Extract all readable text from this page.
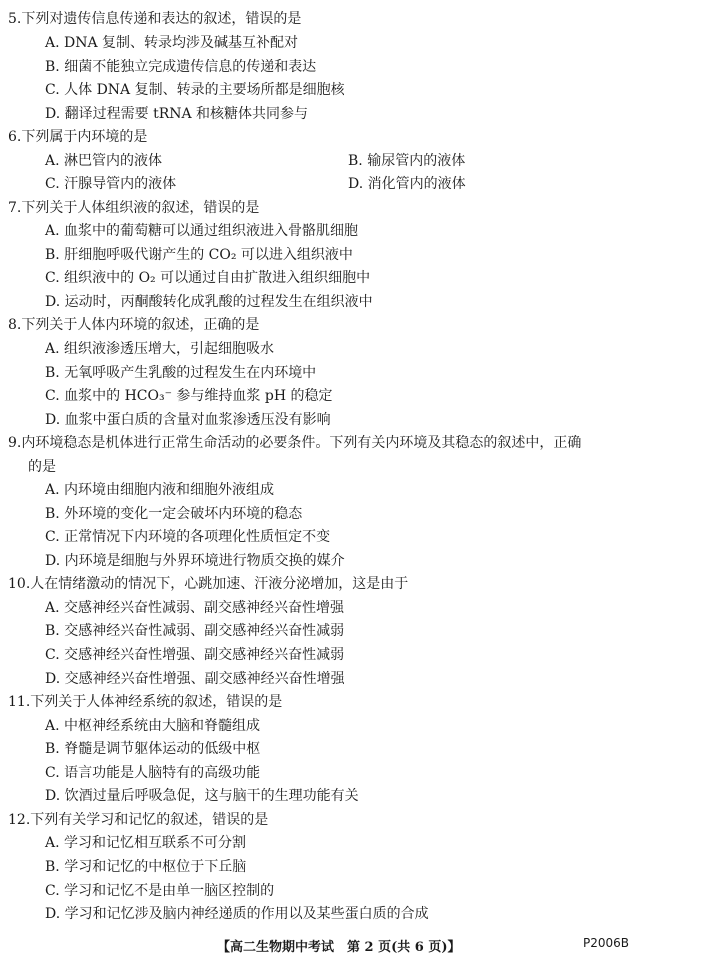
5.下列对遗传信息传递和表达的叙述，错误的是
A. DNA 复制、转录均涉及碱基互补配对
B. 细菌不能独立完成遗传信息的传递和表达
C. 人体 DNA 复制、转录的主要场所都是细胞核
D. 翻译过程需要 tRNA 和核糖体共同参与
6.下列属于内环境的是
A. 淋巴管内的液体	B. 输尿管内的液体
C. 汗腺导管内的液体	D. 消化管内的液体
7.下列关于人体组织液的叙述，错误的是
A. 血浆中的葡萄糖可以通过组织液进入骨骼肌细胞
B. 肝细胞呼吸代谢产生的 CO₂ 可以进入组织液中
C. 组织液中的 O₂ 可以通过自由扩散进入组织细胞中
D. 运动时，丙酮酸转化成乳酸的过程发生在组织液中
8.下列关于人体内环境的叙述，正确的是
A. 组织液渗透压增大，引起细胞吸水
B. 无氧呼吸产生乳酸的过程发生在内环境中
C. 血浆中的 HCO₃⁻ 参与维持血浆 pH 的稳定
D. 血浆中蛋白质的含量对血浆渗透压没有影响
9.内环境稳态是机体进行正常生命活动的必要条件。下列有关内环境及其稳态的叙述中，正确
的是
A. 内环境由细胞内液和细胞外液组成
B. 外环境的变化一定会破坏内环境的稳态
C. 正常情况下内环境的各项理化性质恒定不变
D. 内环境是细胞与外界环境进行物质交换的媒介
10.人在情绪激动的情况下，心跳加速、汗液分泌增加，这是由于
A. 交感神经兴奋性减弱、副交感神经兴奋性增强
B. 交感神经兴奋性减弱、副交感神经兴奋性减弱
C. 交感神经兴奋性增强、副交感神经兴奋性减弱
D. 交感神经兴奋性增强、副交感神经兴奋性增强
11.下列关于人体神经系统的叙述，错误的是
A. 中枢神经系统由大脑和脊髓组成
B. 脊髓是调节躯体运动的低级中枢
C. 语言功能是人脑特有的高级功能
D. 饮酒过量后呼吸急促，这与脑干的生理功能有关
12.下列有关学习和记忆的叙述，错误的是
A. 学习和记忆相互联系不可分割
B. 学习和记忆的中枢位于下丘脑
C. 学习和记忆不是由单一脑区控制的
D. 学习和记忆涉及脑内神经递质的作用以及某些蛋白质的合成
【高二生物期中考试　第 2 页(共 6 页)】	P2006B
